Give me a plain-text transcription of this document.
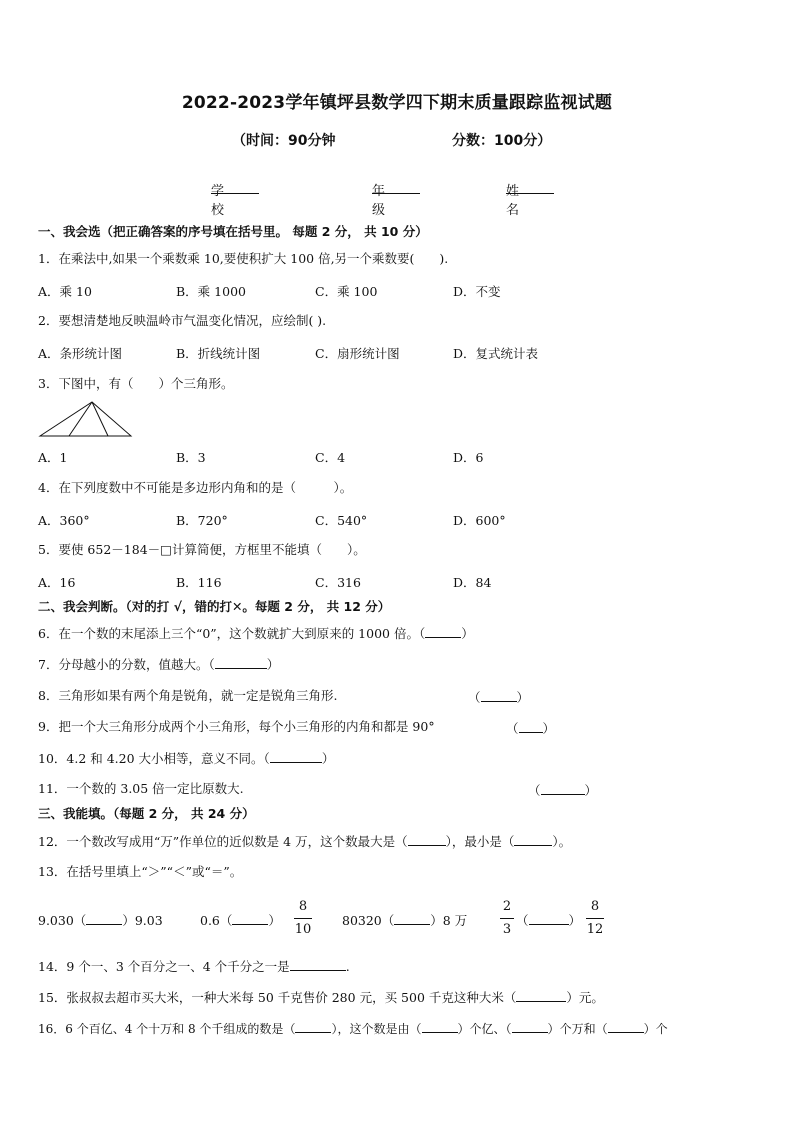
2022-2023学年镇坪县数学四下期末质量跟踪监视试题
（时间：90分钟	分数：100分）
学校
年级
姓名
一、我会选（把正确答案的序号填在括号里。 每题 2 分， 共 10 分）
1．在乘法中,如果一个乘数乘 10,要使积扩大 100 倍,另一个乘数要(　　).
A．乘 10	B．乘 1000	C．乘 100	D．不变
2．要想清楚地反映温岭市气温变化情况，应绘制( ).
A．条形统计图	B．折线统计图	C．扇形统计图	D．复式统计表
3．下图中，有（　　）个三角形。
A．1	B．3	C．4	D．6
4．在下列度数中不可能是多边形内角和的是（　　　）。
A．360°	B．720°	C．540°	D．600°
5．要使 652－184－□计算简便，方框里不能填（　　）。
A．16	B．116	C．316	D．84
二、我会判断。（对的打 √，错的打✕。每题 2 分， 共 12 分）
6．在一个数的末尾添上三个“0”，这个数就扩大到原来的 1000 倍。（	）
7．分母越小的分数，值越大。（	）
8．三角形如果有两个角是锐角，就一定是锐角三角形.	（	）
9．把一个大三角形分成两个小三角形，每个小三角形的内角和都是 90°	（ ）
10．4.2 和 4.20 大小相等，意义不同。（	）
11．一个数的 3.05 倍一定比原数大.	（	）
三、我能填。（每题 2 分， 共 24 分）
12．一个数改写成用“万”作单位的近似数是 4 万，这个数最大是（	），最小是（	）。
13．在括号里填上“＞”“＜”或“＝”。
9.030（	）9.03	0.6（	）
8
10
80320（	）8 万
2
3
（	）
8
12
14．9 个一、3 个百分之一、4 个千分之一是	.
15．张叔叔去超市买大米，一种大米每 50 千克售价 280 元，买 500 千克这种大米（	）元。
16．6 个百亿、4 个十万和 8 个千组成的数是（	），这个数是由（	）个亿、（	）个万和（	）个
